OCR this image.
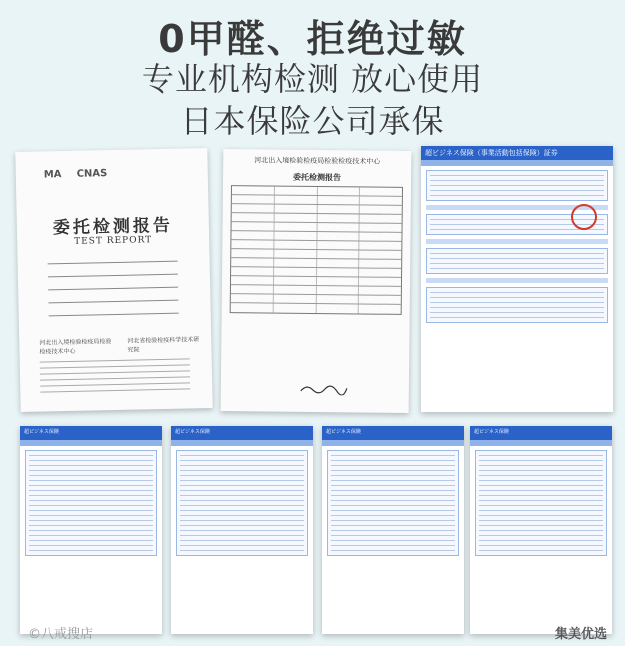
0甲醛、拒绝过敏
专业机构检测 放心使用
日本保险公司承保
MA CNAS
委托检测报告
TEST REPORT
河北出入境检验检疫局检验检疫技术中心
河北省检验检疫科学技术研究院
河北出入境检验检疫局检验检疫技术中心
委托检测报告
超ビジネス保険（事業活動包括保険）証券
超ビジネス保険	超ビジネス保険	超ビジネス保険	超ビジネス保険
©八戒搜店	集美优选
